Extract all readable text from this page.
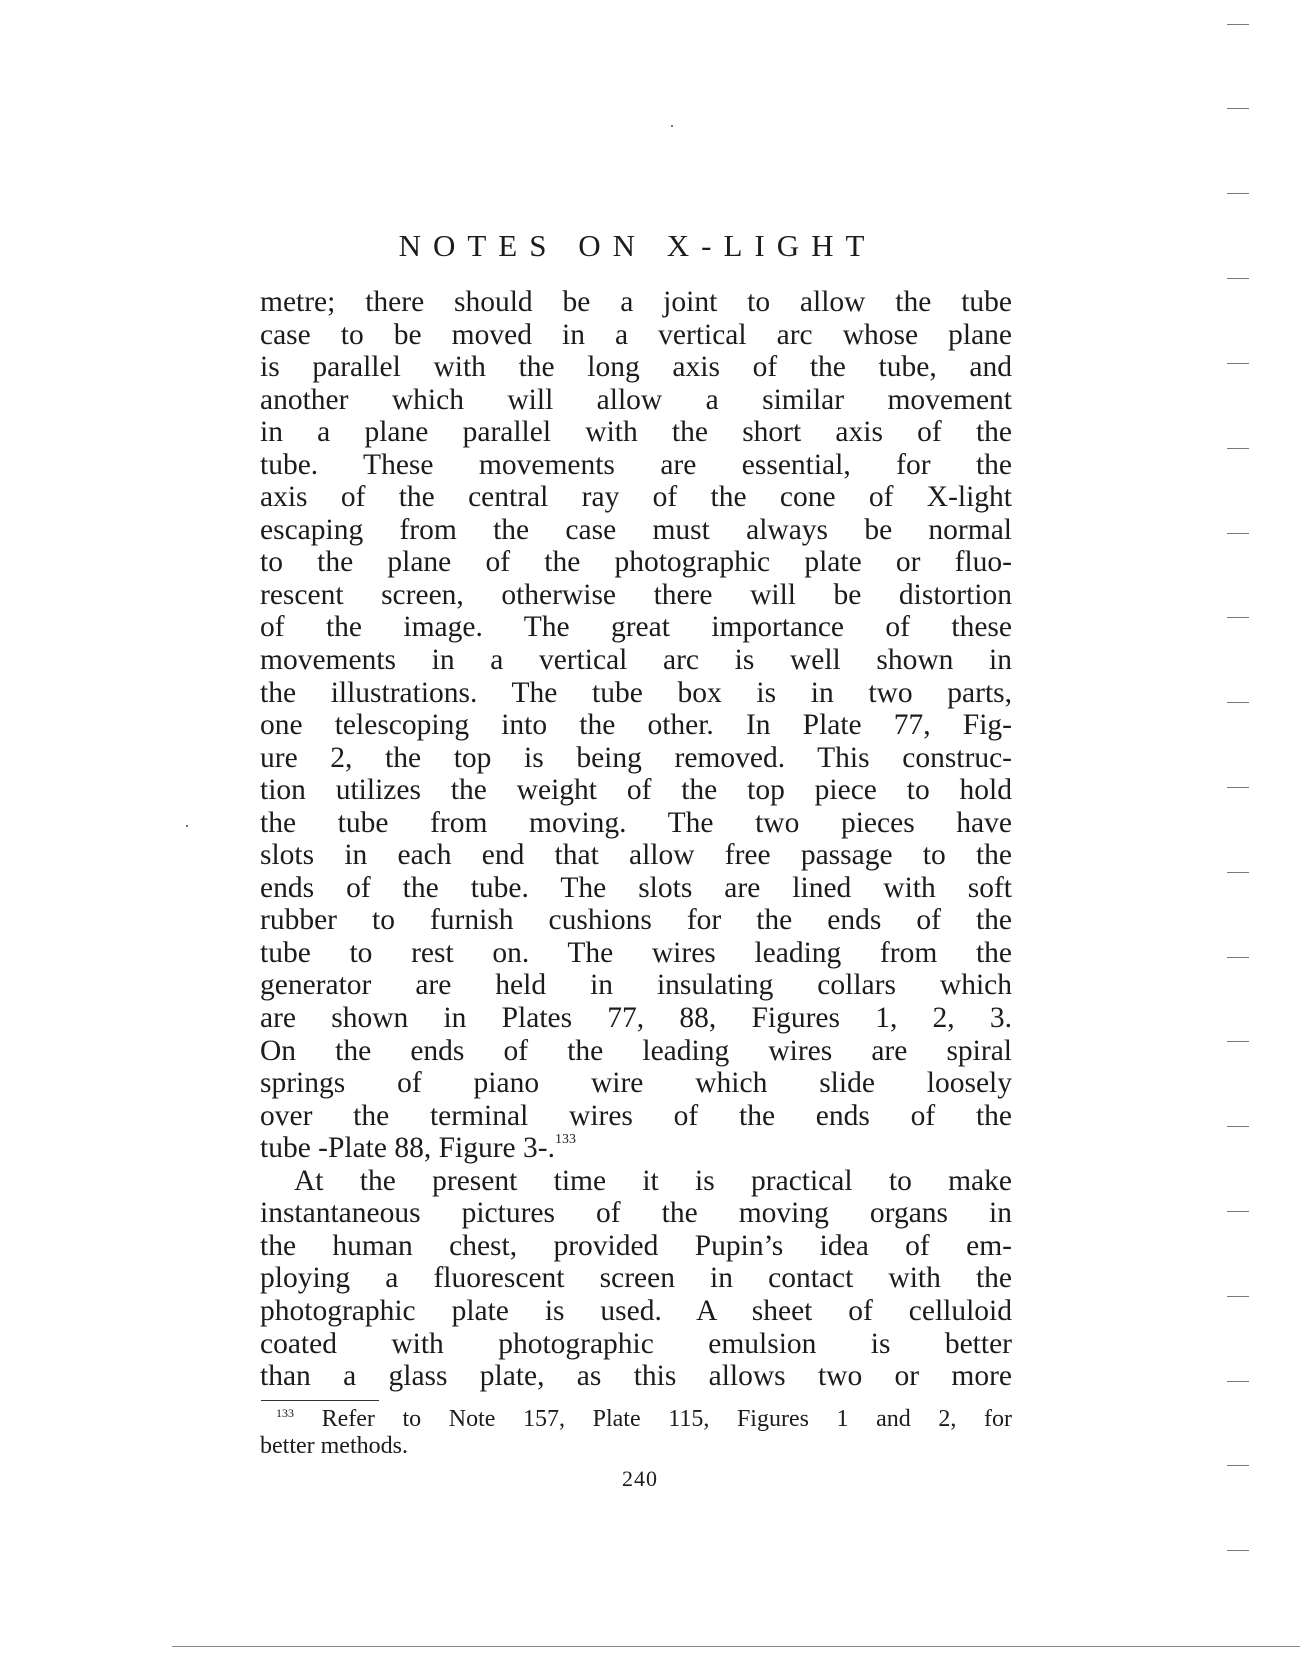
NOTES ON X-LIGHT
metre; there should be a joint to allow the tube
case to be moved in a vertical arc whose plane
is parallel with the long axis of the tube, and
another which will allow a similar movement
in a plane parallel with the short axis of the
tube. These movements are essential, for the
axis of the central ray of the cone of X-light
escaping from the case must always be normal
to the plane of the photographic plate or fluo-
rescent screen, otherwise there will be distortion
of the image. The great importance of these
movements in a vertical arc is well shown in
the illustrations. The tube box is in two parts,
one telescoping into the other. In Plate 77, Fig-
ure 2, the top is being removed. This construc-
tion utilizes the weight of the top piece to hold
the tube from moving. The two pieces have
slots in each end that allow free passage to the
ends of the tube. The slots are lined with soft
rubber to furnish cushions for the ends of the
tube to rest on. The wires leading from the
generator are held in insulating collars which
are shown in Plates 77, 88, Figures 1, 2, 3.
On the ends of the leading wires are spiral
springs of piano wire which slide loosely
over the terminal wires of the ends of the
tube -Plate 88, Figure 3-.$^{133}$
At the present time it is practical to make
instantaneous pictures of the moving organs in
the human chest, provided Pupin’s idea of em-
ploying a fluorescent screen in contact with the
photographic plate is used. A sheet of celluloid
coated with photographic emulsion is better
than a glass plate, as this allows two or more
$^{133}$ Refer to Note 157, Plate 115, Figures 1 and 2, for
better methods.
240
